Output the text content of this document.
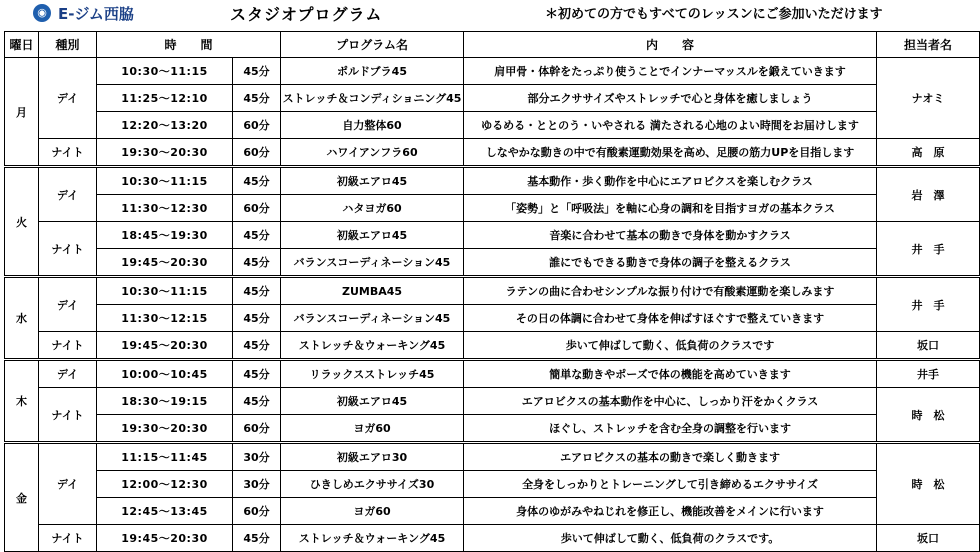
◉ E-ジム西脇	スタジオプログラム	＊初めての方でもすべてのレッスンにご参加いただけます
曜日	種別	時　　間		プログラム名	内　　容	担当者名
月	デイ	10:30～11:15	45分	ポルドブラ45	肩甲骨・体幹をたっぷり使うことでインナーマッスルを鍛えていきます	ナオミ
		11:25～12:10	45分	ストレッチ＆コンディショニング45	部分エクササイズやストレッチで心と身体を癒しましょう	
		12:20～13:20	60分	自力整体60	ゆるめる・ととのう・いやされる 満たされる心地のよい時間をお届けします	
	ナイト	19:30～20:30	60分	ハワイアンフラ60	しなやかな動きの中で有酸素運動効果を高め、足腰の筋力UPを目指します	高　原
火	デイ	10:30～11:15	45分	初級エアロ45	基本動作・歩く動作を中心にエアロビクスを楽しむクラス	岩　澤
		11:30～12:30	60分	ハタヨガ60	「姿勢」と「呼吸法」を軸に心身の調和を目指すヨガの基本クラス	
	ナイト	18:45～19:30	45分	初級エアロ45	音楽に合わせて基本の動きで身体を動かすクラス	井　手
		19:45～20:30	45分	バランスコーディネーション45	誰にでもできる動きで身体の調子を整えるクラス	
水	デイ	10:30～11:15	45分	ZUMBA45	ラテンの曲に合わせシンプルな振り付けで有酸素運動を楽しみます	井　手
		11:30～12:15	45分	バランスコーディネーション45	その日の体調に合わせて身体を伸ばすほぐすで整えていきます	
	ナイト	19:45～20:30	45分	ストレッチ＆ウォーキング45	歩いて伸ばして動く、低負荷のクラスです	坂口
木	デイ	10:00～10:45	45分	リラックスストレッチ45	簡単な動きやポーズで体の機能を高めていきます	井手
	ナイト	18:30～19:15	45分	初級エアロ45	エアロビクスの基本動作を中心に、しっかり汗をかくクラス	時　松
		19:30～20:30	60分	ヨガ60	ほぐし、ストレッチを含む全身の調整を行います	
金	デイ	11:15～11:45	30分	初級エアロ30	エアロビクスの基本の動きで楽しく動きます	時　松
		12:00～12:30	30分	ひきしめエクササイズ30	全身をしっかりとトレーニングして引き締めるエクササイズ	
		12:45～13:45	60分	ヨガ60	身体のゆがみやねじれを修正し、機能改善をメインに行います	
	ナイト	19:45～20:30	45分	ストレッチ＆ウォーキング45	歩いて伸ばして動く、低負荷のクラスです。	坂口
